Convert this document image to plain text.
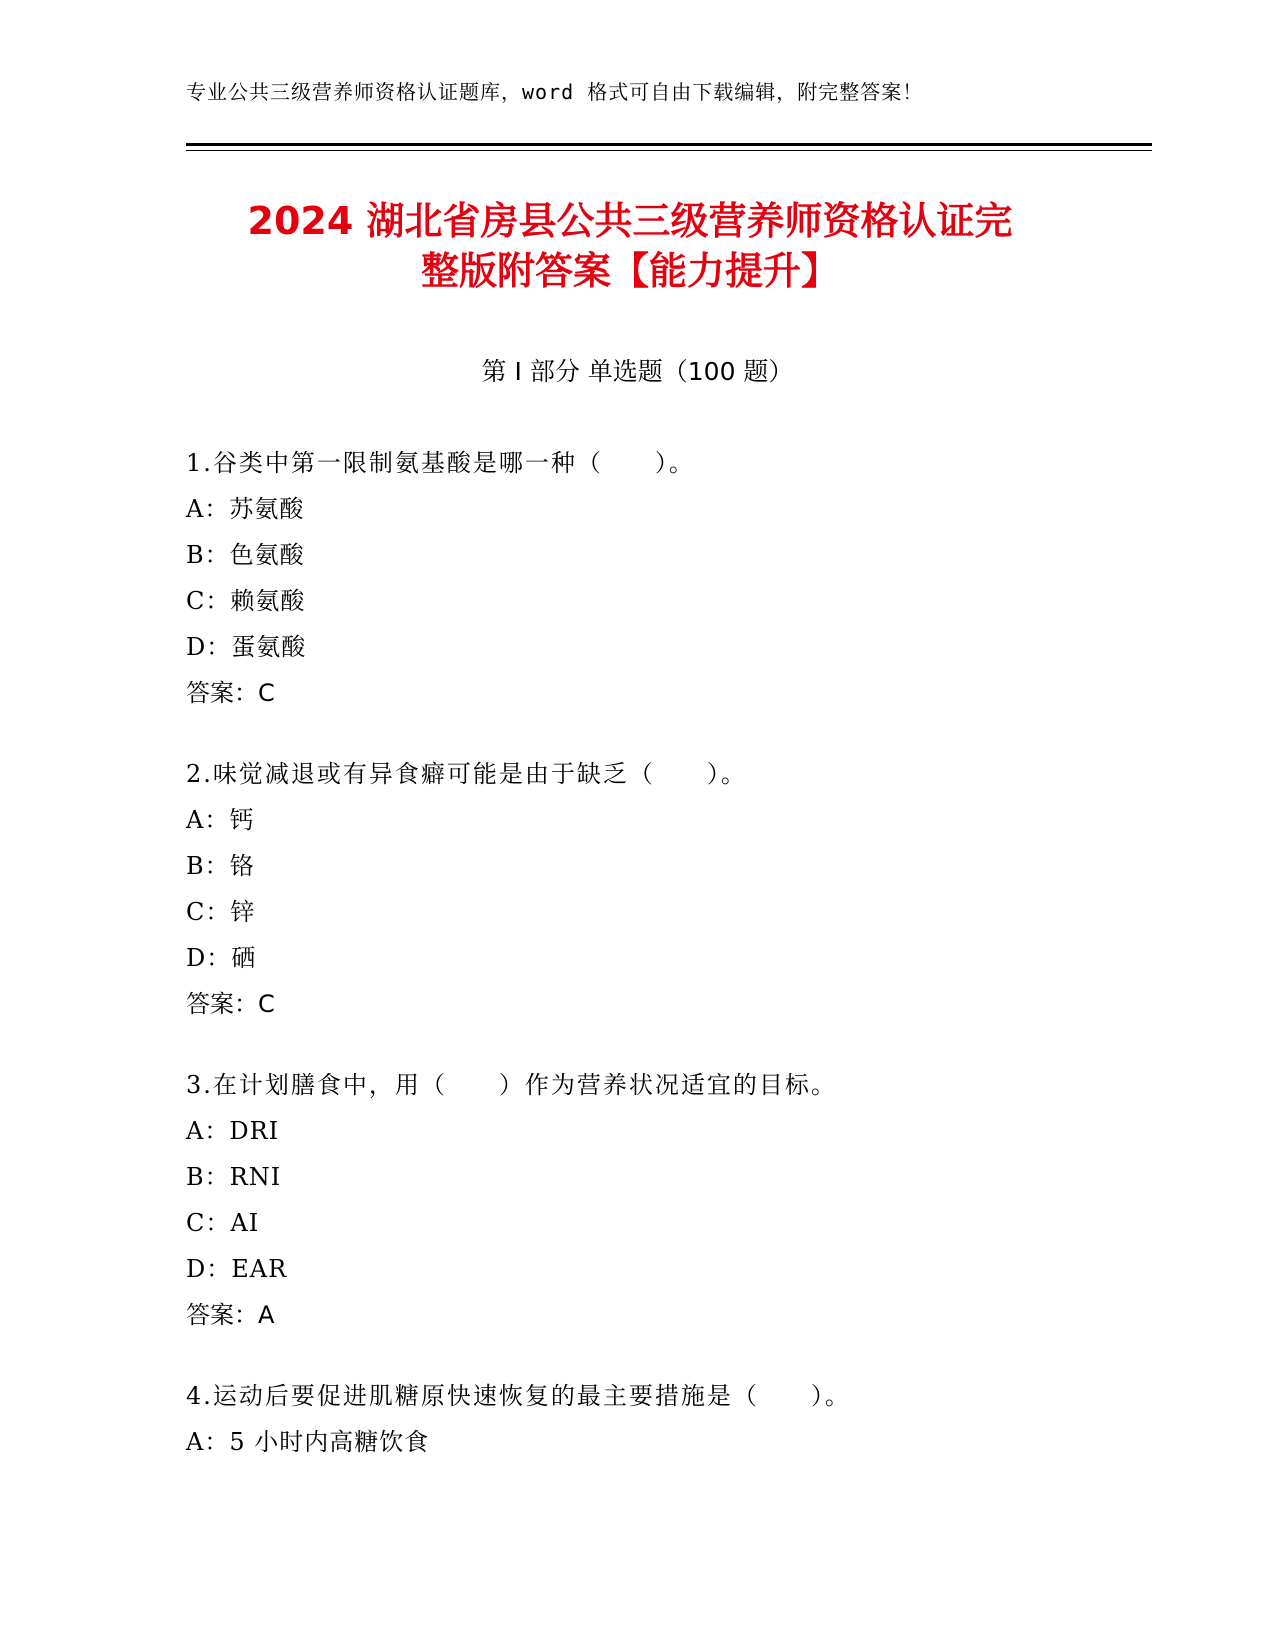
专业公共三级营养师资格认证题库，word 格式可自由下载编辑，附完整答案！
2024 湖北省房县公共三级营养师资格认证完
整版附答案【能力提升】
第 I 部分 单选题（100 题）
1.谷类中第一限制氨基酸是哪一种（　　）。
A：苏氨酸
B：色氨酸
C：赖氨酸
D：蛋氨酸
答案：C
2.味觉减退或有异食癖可能是由于缺乏（　　）。
A：钙
B：铬
C：锌
D：硒
答案：C
3.在计划膳食中，用（　　）作为营养状况适宜的目标。
A：DRI
B：RNI
C：AI
D：EAR
答案：A
4.运动后要促进肌糖原快速恢复的最主要措施是（　　）。
A：5 小时内高糖饮食
